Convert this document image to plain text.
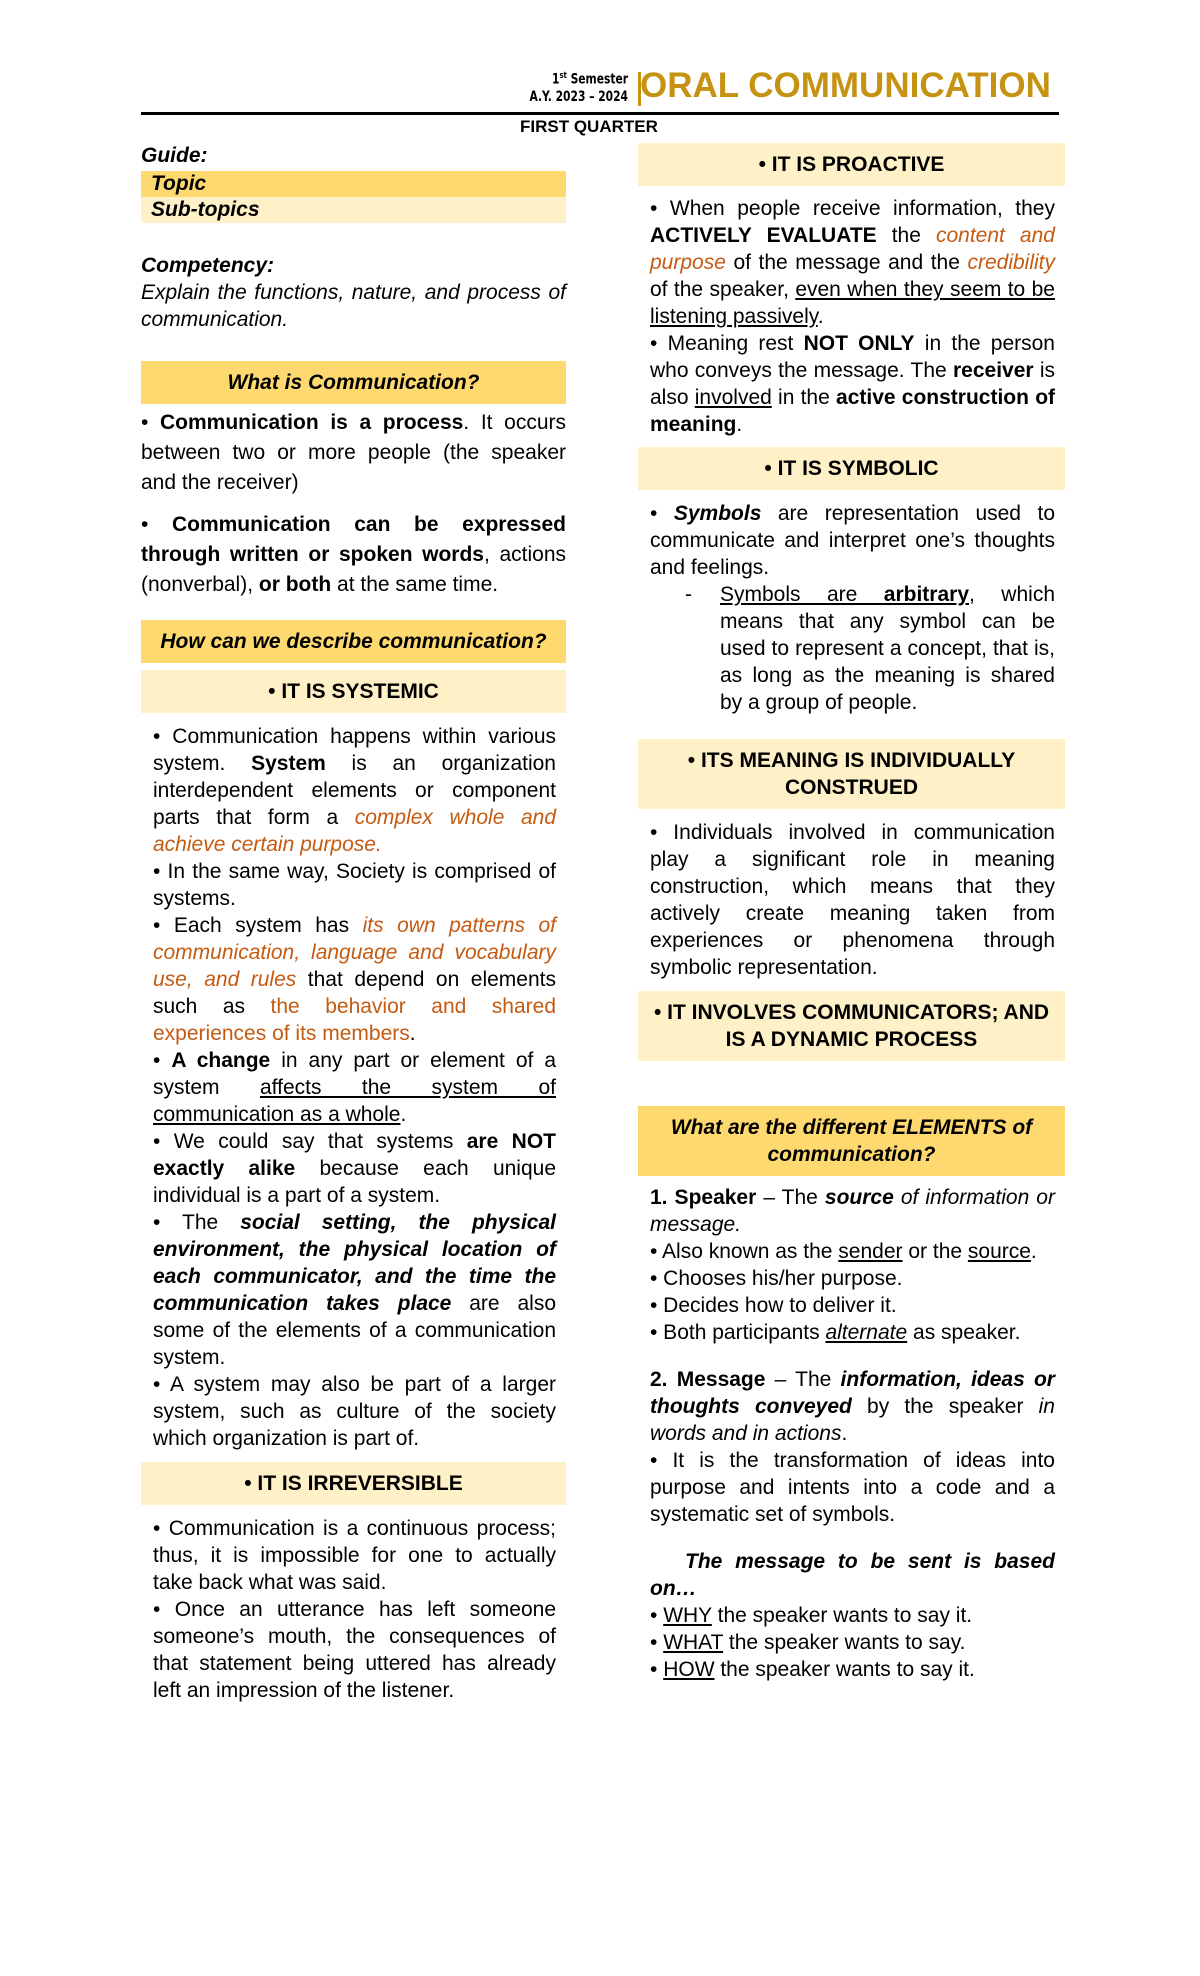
1st Semester
A.Y. 2023 – 2024 ORAL COMMUNICATION
FIRST QUARTER

Guide:

Topic
Sub-topics

Competency:

Explain the functions, nature, and process of communication.

What is Communication?

• Communication is a process. It occurs between two or more people (the speaker and the receiver)

• Communication can be expressed through written or spoken words, actions (nonverbal), or both at the same time.

How can we describe communication?
• IT IS SYSTEMIC

• Communication happens within various system. System is an organization interdependent elements or component parts that form a complex whole and achieve certain purpose.

• In the same way, Society is comprised of systems.

• Each system has its own patterns of communication, language and vocabulary use, and rules that depend on elements such as the behavior and shared experiences of its members.

• A change in any part or element of a system affects the system of communication as a whole.

• We could say that systems are NOT exactly alike because each unique individual is a part of a system.

• The social setting, the physical environment, the physical location of each communicator, and the time the communication takes place are also some of the elements of a communication system.

• A system may also be part of a larger system, such as culture of the society which organization is part of.

• IT IS IRREVERSIBLE

• Communication is a continuous process; thus, it is impossible for one to actually take back what was said.

• Once an utterance has left someone someone’s mouth, the consequences of that statement being uttered has already left an impression of the listener.

• IT IS PROACTIVE

• When people receive information, they ACTIVELY EVALUATE the content and purpose of the message and the credibility of the speaker, even when they seem to be listening passively.

• Meaning rest NOT ONLY in the person who conveys the message. The receiver is also involved in the active construction of meaning.

• IT IS SYMBOLIC

• Symbols are representation used to communicate and interpret one’s thoughts and feelings.

- Symbols are arbitrary, which means that any symbol can be used to represent a concept, that is, as long as the meaning is shared by a group of people.

• ITS MEANING IS INDIVIDUALLY CONSTRUED

• Individuals involved in communication play a significant role in meaning construction, which means that they actively create meaning taken from experiences or phenomena through symbolic representation.

• IT INVOLVES COMMUNICATORS; AND IS A DYNAMIC PROCESS
What are the different ELEMENTS of communication?

1. Speaker – The source of information or message.

• Also known as the sender or the source.

• Chooses his/her purpose.

• Decides how to deliver it.

• Both participants alternate as speaker.

2. Message – The information, ideas or thoughts conveyed by the speaker in words and in actions.

• It is the transformation of ideas into purpose and intents into a code and a systematic set of symbols.

The message to be sent is based on…

• WHY the speaker wants to say it.

• WHAT the speaker wants to say.

• HOW the speaker wants to say it.
